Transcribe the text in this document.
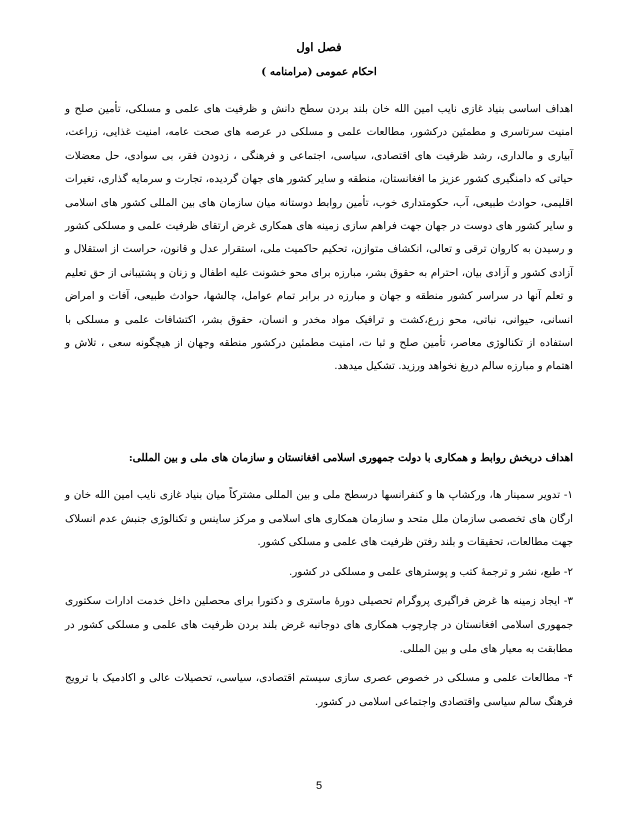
فصل اول
احکام عمومی (مرامنامه )

اهداف اساسی بنیاد غازی نایب امین الله خان بلند بردن سطح دانش و ظرفیت های علمی و مسلکی، تأمین صلح و امنیت سرتاسری و مطمئین درکشور، مطالعات علمی و مسلکی در عرصه های صحت عامه، امنیت غذایی، زراعت، آبیاری و مالداری، رشد ظرفیت های اقتصادی، سیاسی، اجتماعی و فرهنگی ، زدودن فقر، بی سوادی، حل معضلات حیاتی که دامنگیری کشور عزیز ما افغانستان، منطقه و سایر کشور های جهان گردیده، تجارت و سرمایه گذاری، تغیرات اقلیمی، حوادث طبیعی، آب، حکومتداری خوب، تأمین روابط دوستانه میان سازمان های بین المللی کشور های اسلامی و سایر کشور های دوست در جهان جهت فراهم سازی زمینه های همکاری غرض ارتقای ظرفیت علمی و مسلکی کشور و رسیدن به کاروان ترقی و تعالی، انکشاف متوازن، تحکیم حاکمیت ملی، استقرار عدل و قانون، حراست از استقلال و آزادی کشور و آزادی بیان، احترام به حقوق بشر، مبارزه برای محو خشونت علیه اطفال و زنان و پشتیبانی از حق تعلیم و تعلم آنها در سراسر کشور منطقه و جهان و مبارزه در برابر تمام عوامل، چالشها، حوادث طبیعی، آفات و امراض انسانی، حیوانی، نباتی، محو زرع،کشت و ترافیک مواد مخدر و انسان، حقوق بشر، اکتشافات علمی و مسلکی با استفاده از تکنالوژی معاصر، تأمین صلح و ثبا ت، امنیت مطمئین درکشور منطقه وجهان از هیچگونه سعی ، تلاش و اهتمام و مبارزه سالم دریغ نخواهد ورزید. تشکیل میدهد.

اهداف دربخش روابط و همکاری با دولت جمهوری اسلامی افغانستان و سازمان های ملی و بین المللی:
۱- تدویر سمینار ها، ورکشاپ ها و کنفرانسها درسطح ملی و بین المللی مشترکاً میان بنیاد غازی نایب امین الله خان و ارگان های تخصصی سازمان ملل متحد و سازمان همکاری های اسلامی و مرکز ساینس و تکنالوژی جنبش عدم انسلاک جهت مطالعات، تحقیقات و بلند رفتن ظرفیت های علمی و مسلکی کشور.
۲- طبع، نشر و ترجمهٔ کتب و پوسترهای علمی و مسلکی در کشور.
۳- ایجاد زمینه ها غرض فراگیری پروگرام تحصیلی دورهٔ ماستری و دکتورا برای محصلین داخل خدمت ادارات سکتوری جمهوری اسلامی افغانستان در چارچوب همکاری های دوجانبه غرض بلند بردن ظرفیت های علمی و مسلکی کشور در مطابقت به معیار های ملی و بین المللی.
۴- مطالعات علمی و مسلکی در خصوص عصری سازی سیستم اقتصادی، سیاسی، تحصیلات عالی و اکادمیک با ترویج فرهنگ سالم سیاسی واقتصادی واجتماعی اسلامی در کشور.
5
